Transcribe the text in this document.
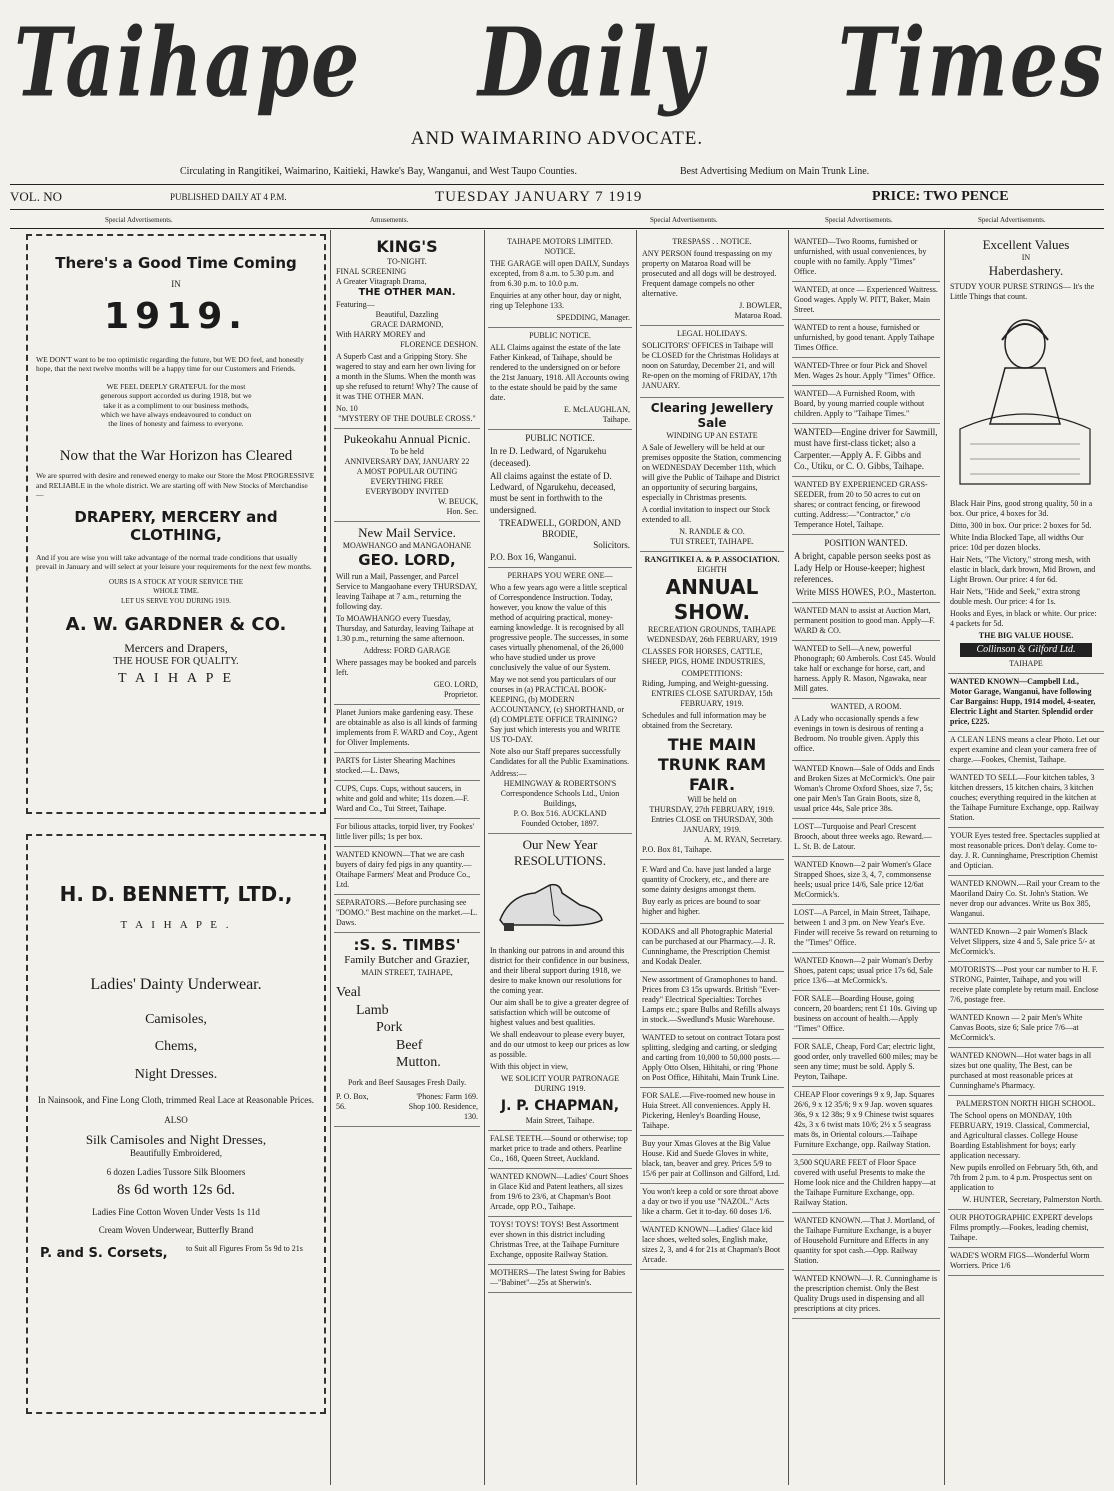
Taihape Daily Times
AND WAIMARINO ADVOCATE.
Circulating in Rangitikei, Waimarino, Kaitieki, Hawke's Bay, Wanganui, and West Taupo Counties.	Best Advertising Medium on Main Trunk Line.
VOL. NO	PUBLISHED DAILY AT 4 P.M.	TUESDAY JANUARY 7 1919	PRICE: TWO PENCE
Special Advertisements.	Amusements.	Special Advertisements.	Special Advertisements.	Special Advertisements.
There's a Good Time Coming
IN
1919.

WE DON'T want to be too optimistic regarding the future, but WE DO feel, and honestly hope, that the next twelve months will be a happy time for our Customers and Friends.

WE FEEL DEEPLY GRATEFUL for the most generous support accorded us during 1918, but we take it as a compliment to our business methods, which we have always endeavoured to conduct on the lines of honesty and fairness to everyone.

Now that the War Horizon has Cleared

We are spurred with desire and renewed energy to make our Store the Most PROGRESSIVE and RELIABLE in the whole district. We are starting off with New Stocks of Merchandise —

DRAPERY, MERCERY and CLOTHING,

And if you are wise you will take advantage of the normal trade conditions that usually prevail in January and will select at your leisure your requirements for the next few months.

OURS IS A STOCK AT YOUR SERVICE THE WHOLE TIME.

LET US SERVE YOU DURING 1919.

A. W. GARDNER & CO.
Mercers and Drapers,
THE HOUSE FOR QUALITY.
T A I H A P E
H. D. BENNETT, LTD.,
T A I H A P E .
Ladies' Dainty Underwear.
Camisoles,
Chems,
Night Dresses.

In Nainsook, and Fine Long Cloth, trimmed Real Lace at Reasonable Prices.

ALSO
Silk Camisoles and Night Dresses,
Beautifully Embroidered,
6 dozen Ladies Tussore Silk Bloomers
8s 6d worth 12s 6d.
Ladies Fine Cotton Woven Under Vests 1s 11d
Cream Woven Underwear, Butterfly Brand
P. and S. Corsets, to Suit all Figures From 5s 9d to 21s
KING'S
TO-NIGHT.
FINAL SCREENING
A Greater Vitagraph Drama,
THE OTHER MAN.
Featuring—
Beautiful, Dazzling
GRACE DARMOND,
With HARRY MOREY and
FLORENCE DESHON.

A Superb Cast and a Gripping Story. She wagered to stay and earn her own living for a month in the Slums. When the month was up she refused to return! Why? The cause of it was THE OTHER MAN.

No. 10
"MYSTERY OF THE DOUBLE CROSS."
Pukeokahu Annual Picnic.
To be held
ANNIVERSARY DAY, JANUARY 22
A MOST POPULAR OUTING
EVERYTHING FREE
EVERYBODY INVITED
W. BEUCK,
Hon. Sec.
New Mail Service.
MOAWHANGO and MANGAOHANE
GEO. LORD,

Will run a Mail, Passenger, and Parcel Service to Mangaohane every THURSDAY, leaving Taihape at 7 a.m., returning the following day.

To MOAWHANGO every Tuesday, Thursday, and Saturday, leaving Taihape at 1.30 p.m., returning the same afternoon.

Address: FORD GARAGE

Where passages may be booked and parcels left.

GEO. LORD,
Proprietor.
Planet Juniors make gardening easy. These are obtainable as also is all kinds of farming implements from F. WARD and Coy., Agent for Oliver Implements.
PARTS for Lister Shearing Machines stocked.—L. Daws,
CUPS, Cups. Cups, without saucers, in white and gold and white; 11s dozen.—F. Ward and Co., Tui Street, Taihape.
For bilious attacks, torpid liver, try Fookes' little liver pills; 1s per box.
WANTED KNOWN—That we are cash buyers of dairy fed pigs in any quantity.—Otaihape Farmers' Meat and Produce Co., Ltd.
SEPARATORS.—Before purchasing see "DOMO." Best machine on the market.—L. Daws.
:S. S. TIMBS'
Family Butcher and Grazier,
MAIN STREET, TAIHAPE,
Veal
Lamb
Pork
Beef
Mutton.
Pork and Beef Sausages Fresh Daily.
P. O. Box, 56.
'Phones: Farm 169. Shop 100. Residence, 130.
TAIHAPE MOTORS LIMITED.
NOTICE.

THE GARAGE will open DAILY, Sundays excepted, from 8 a.m. to 5.30 p.m. and from 6.30 p.m. to 10.0 p.m.

Enquiries at any other hour, day or night, ring up Telephone 133.

SPEDDING, Manager.
PUBLIC NOTICE.

ALL Claims against the estate of the late Father Kinkead, of Taihape, should be rendered to the undersigned on or before the 21st January, 1918. All Accounts owing to the estate should be paid by the same date.

E. McLAUGHLAN,
Taihape.
PUBLIC NOTICE.

In re D. Ledward, of Ngarukehu (deceased).

All claims against the estate of D. Ledward, of Ngarukehu, deceased, must be sent in forthwith to the undersigned.

TREADWELL, GORDON, AND BRODIE,
Solicitors.
P.O. Box 16, Wanganui.
PERHAPS YOU WERE ONE—

Who a few years ago were a little sceptical of Correspondence Instruction. Today, however, you know the value of this method of acquiring practical, money-earning knowledge. It is recognised by all progressive people. The successes, in some cases virtually phenomenal, of the 26,000 who have studied under us prove conclusively the value of our System.

May we not send you particulars of our courses in (a) PRACTICAL BOOK-KEEPING, (b) MODERN ACCOUNTANCY, (c) SHORTHAND, or (d) COMPLETE OFFICE TRAINING? Say just which interests you and WRITE US TO-DAY.

Note also our Staff prepares successfully Candidates for all the Public Examinations.

Address:—
HEMINGWAY & ROBERTSON'S
Correspondence Schools Ltd., Union Buildings,
P. O. Box 516. AUCKLAND
Founded October, 1897.
Our New Year RESOLUTIONS.

In thanking our patrons in and around this district for their confidence in our business, and their liberal support during 1918, we desire to make known our resolutions for the coming year.

Our aim shall be to give a greater degree of satisfaction which will be outcome of highest values and best qualities.

We shall endeavour to please every buyer, and do our utmost to keep our prices as low as possible.

With this object in view,

WE SOLICIT YOUR PATRONAGE DURING 1919.
J. P. CHAPMAN,
Main Street, Taihape.
FALSE TEETH.—Sound or otherwise; top market price to trade and others. Pearline Co., 168, Queen Street, Auckland.
WANTED KNOWN—Ladies' Court Shoes in Glace Kid and Patent leathers, all sizes from 19/6 to 23/6, at Chapman's Boot Arcade, opp P.O., Taihape.
TOYS! TOYS! TOYS! Best Assortment ever shown in this district including Christmas Tree, at the Taihape Furniture Exchange, opposite Railway Station.
MOTHERS—The latest Swing for Babies—"Babinet"—25s at Sherwin's.
TRESPASS . . NOTICE.

ANY PERSON found trespassing on my property on Mataroa Road will be prosecuted and all dogs will be destroyed. Frequent damage compels no other alternative.

J. BOWLER,
Mataroa Road.
LEGAL HOLIDAYS.

SOLICITORS' OFFICES in Taihape will be CLOSED for the Christmas Holidays at noon on Saturday, December 21, and will Re-open on the morning of FRIDAY, 17th JANUARY.

Clearing Jewellery Sale
WINDING UP AN ESTATE

A Sale of Jewellery will be held at our premises opposite the Station, commencing on WEDNESDAY December 11th, which will give the Public of Taihape and District an opportunity of securing bargains, especially in Christmas presents.

A cordial invitation to inspect our Stock extended to all.

N. RANDLE & CO.
TUI STREET, TAIHAPE.
RANGITIKEI A. & P. ASSOCIATION.
EIGHTH
ANNUAL SHOW.
RECREATION GROUNDS, TAIHAPE
WEDNESDAY, 26th FEBRUARY, 1919

CLASSES FOR HORSES, CATTLE, SHEEP, PIGS, HOME INDUSTRIES,

COMPETITIONS:
Riding, Jumping, and Weight-guessing.
ENTRIES CLOSE SATURDAY, 15th FEBRUARY, 1919.

Schedules and full information may be obtained from the Secretary.

THE MAIN TRUNK RAM FAIR.
Will be held on
THURSDAY, 27th FEBRUARY, 1919.
Entries CLOSE on THURSDAY, 30th JANUARY, 1919.
A. M. RYAN, Secretary.
P.O. Box 81, Taihape.

F. Ward and Co. have just landed a large quantity of Crockery, etc., and there are some dainty designs amongst them.

Buy early as prices are bound to soar higher and higher.

KODAKS and all Photographic Material can be purchased at our Pharmacy.—J. R. Cunninghame, the Prescription Chemist and Kodak Dealer.
New assortment of Gramophones to hand. Prices from £3 15s upwards. British "Ever-ready" Electrical Specialties: Torches Lamps etc.; spare Bulbs and Refills always in stock.—Swedlund's Music Warehouse.
WANTED to setout on contract Totara post splitting, sledging and carting, or sledging and carting from 10,000 to 50,000 posts.—Apply Otto Olsen, Hihitahi, or ring 'Phone on Post Office, Hihitahi, Main Trunk Line.
FOR SALE.—Five-roomed new house in Huia Street. All conveniences. Apply H. Pickering, Henley's Boarding House, Taihape.
Buy your Xmas Gloves at the Big Value House. Kid and Suede Gloves in white, black, tan, beaver and grey. Prices 5/9 to 15/6 per pair at Collinson and Gilford, Ltd.
You won't keep a cold or sore throat above a day or two if you use "NAZOL." Acts like a charm. Get it to-day. 60 doses 1/6.
WANTED KNOWN—Ladies' Glace kid lace shoes, welted soles, English make, sizes 2, 3, and 4 for 21s at Chapman's Boot Arcade.
WANTED—Two Rooms, furnished or unfurnished, with usual conveniences, by couple with no family. Apply "Times" Office.
WANTED, at once — Experienced Waitress. Good wages. Apply W. PITT, Baker, Main Street.
WANTED to rent a house, furnished or unfurnished, by good tenant. Apply Taihape Times Office.
WANTED-Three or four Pick and Shovel Men. Wages 2s hour. Apply "Times" Office.
WANTED—A Furnished Room, with Board, by young married couple without children. Apply to "Taihape Times."
WANTED—Engine driver for Sawmill, must have first-class ticket; also a Carpenter.—Apply A. F. Gibbs and Co., Utiku, or C. O. Gibbs, Taihape.
WANTED BY EXPERIENCED GRASS-SEEDER, from 20 to 50 acres to cut on shares; or contract fencing, or firewood cutting. Address:—"Contractor," c/o Temperance Hotel, Taihape.
POSITION WANTED.

A bright, capable person seeks post as Lady Help or House-keeper; highest references.

Write MISS HOWES, P.O., Masterton.
WANTED MAN to assist at Auction Mart, permanent position to good man. Apply—F. WARD & CO.
WANTED to Sell—A new, powerful Phonograph; 60 Amberols. Cost £45. Would take half or exchange for horse, cart, and harness. Apply R. Mason, Ngawaka, near Mill gates.
WANTED, A ROOM.

A Lady who occasionally spends a few evenings in town is desirous of renting a Bedroom. No trouble given. Apply this office.

WANTED Known—Sale of Odds and Ends and Broken Sizes at McCormick's. One pair Woman's Chrome Oxford Shoes, size 7, 5s; one pair Men's Tan Grain Boots, size 8, usual price 44s, Sale price 38s.
LOST—Turquoise and Pearl Crescent Brooch, about three weeks ago. Reward.—L. St. B. de Latour.
WANTED Known—2 pair Women's Glace Strapped Shoes, size 3, 4, 7, commonsense heels; usual price 14/6, Sale price 12/6at McCormick's.
LOST—A Parcel, in Main Street, Taihape, between 1 and 3 pm. on New Year's Eve. Finder will receive 5s reward on returning to the "Times" Office.
WANTED Known—2 pair Woman's Derby Shoes, patent caps; usual price 17s 6d, Sale price 13/6—at McCormick's.
FOR SALE—Boarding House, going concern, 20 boarders; rent £1 10s. Giving up business on account of health.—Apply "Times" Office.
FOR SALE, Cheap, Ford Car; electric light, good order, only travelled 600 miles; may be seen any time; must be sold. Apply S. Peyton, Taihape.
CHEAP Floor coverings 9 x 9, Jap. Squares 26/6, 9 x 12 35/6; 9 x 9 Jap. woven squares 36s, 9 x 12 38s; 9 x 9 Chinese twist squares 42s, 3 x 6 twist mats 10/6; 2½ x 5 seagrass mats 8s, in Oriental colours.—Taihape Furniture Exchange, opp. Railway Station.
3,500 SQUARE FEET of Floor Space covered with useful Presents to make the Home look nice and the Children happy—at the Taihape Furniture Exchange, opp. Railway Station.
WANTED KNOWN.—That J. Mortland, of the Taihape Furniture Exchange, is a buyer of Household Furniture and Effects in any quantity for spot cash.—Opp. Railway Station.
WANTED KNOWN—J. R. Cunninghame is the prescription chemist. Only the Best Quality Drugs used in dispensing and all prescriptions at city prices.
Excellent Values
IN
Haberdashery.

STUDY YOUR PURSE STRINGS— It's the Little Things that count.

Black Hair Pins, good strong quality, 50 in a box. Our price, 4 boxes for 3d.

Ditto, 300 in box. Our price: 2 boxes for 5d.

White India Blocked Tape, all widths Our price: 10d per dozen blocks.

Hair Nets, "The Victory," strong mesh, with elastic in black, dark brown, Mid Brown, and Light Brown. Our price: 4 for 6d.

Hair Nets, "Hide and Seek," extra strong double mesh. Our price: 4 for 1s.

Hooks and Eyes, in black or white. Our price: 4 packets for 5d.

THE BIG VALUE HOUSE.
Collinson & Gilford Ltd.
TAIHAPE
WANTED KNOWN—Campbell Ltd., Motor Garage, Wanganui, have following Car Bargains: Hupp, 1914 model, 4-seater, Electric Light and Starter. Splendid order price, £225.
A CLEAN LENS means a clear Photo. Let our expert examine and clean your camera free of charge.—Fookes, Chemist, Taihape.
WANTED TO SELL—Four kitchen tables, 3 kitchen dressers, 15 kitchen chairs, 3 kitchen couches; everything required in the kitchen at the Taihape Furniture Exchange, opp. Railway Station.
YOUR Eyes tested free. Spectacles supplied at most reasonable prices. Don't delay. Come to-day. J. R. Cunninghame, Prescription Chemist and Optician.
WANTED KNOWN.—Rail your Cream to the Maoriland Dairy Co. St. John's Station. We never drop our advances. Write us Box 385, Wanganui.
WANTED Known—2 pair Women's Black Velvet Slippers, size 4 and 5, Sale price 5/- at McCormick's.
MOTORISTS—Post your car number to H. F. STRONG, Painter, Taihape, and you will receive plate complete by return mail. Enclose 7/6, postage free.
WANTED Known — 2 pair Men's White Canvas Boots, size 6; Sale price 7/6—at McCormick's.
WANTED KNOWN—Hot water bags in all sizes but one quality, The Best, can be purchased at most reasonable prices at Cunninghame's Pharmacy.
PALMERSTON NORTH HIGH SCHOOL.

The School opens on MONDAY, 10th FEBRUARY, 1919. Classical, Commercial, and Agricultural classes. College House Boarding Establishment for boys; early application necessary.

New pupils enrolled on February 5th, 6th, and 7th from 2 p.m. to 4 p.m. Prospectus sent on application to

W. HUNTER, Secretary, Palmerston North.
OUR PHOTOGRAPHIC EXPERT develops Films promptly.—Fookes, leading chemist, Taihape.
WADE'S WORM FIGS—Wonderful Worm Worriers. Price 1/6
